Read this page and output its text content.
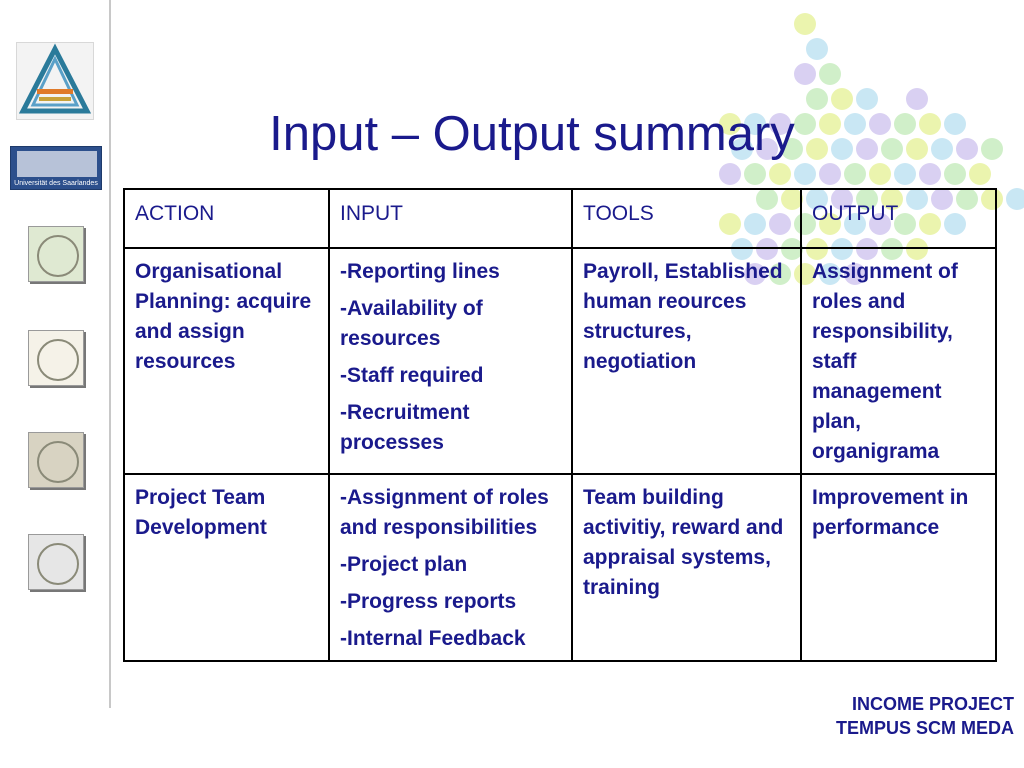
Universität des Saarlandes
Input – Output summary
ACTION	INPUT	TOOLS	OUTPUT
Organisational Planning: acquire and assign resources	-Reporting lines
-Availability of resources
-Staff required
-Recruitment processes	Payroll, Established human reources structures, negotiation	Assignment of roles and responsibility, staff management plan, organigrama
Project Team Development	-Assignment of roles and responsibilities
-Project plan
-Progress reports
-Internal Feedback	Team building activitiy, reward and appraisal systems, training	Improvement in performance
INCOME PROJECT
TEMPUS SCM MEDA
